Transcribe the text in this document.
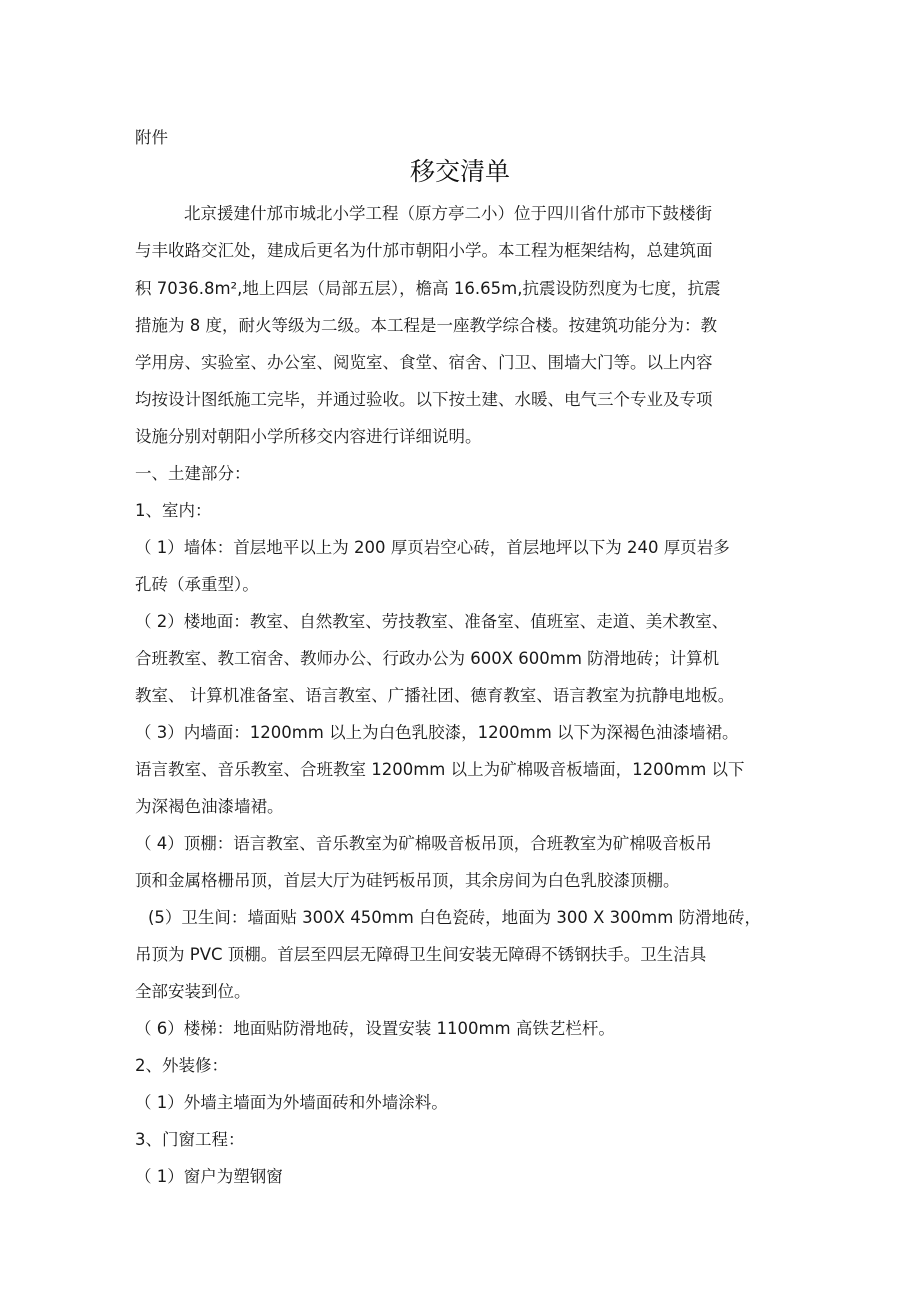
附件
移交清单
北京援建什邡市城北小学工程（原方亭二小）位于四川省什邡市下鼓楼街
与丰收路交汇处，建成后更名为什邡市朝阳小学。本工程为框架结构，总建筑面
积 7036.8m²,地上四层（局部五层），檐高 16.65m,抗震设防烈度为七度，抗震
措施为 8 度，耐火等级为二级。本工程是一座教学综合楼。按建筑功能分为：教
学用房、实验室、办公室、阅览室、食堂、宿舍、门卫、围墙大门等。以上内容
均按设计图纸施工完毕，并通过验收。以下按土建、水暖、电气三个专业及专项
设施分别对朝阳小学所移交内容进行详细说明。
一、土建部分：
1、室内：
（ 1）墙体：首层地平以上为 200 厚页岩空心砖，首层地坪以下为 240 厚页岩多
孔砖（承重型）。
（ 2）楼地面：教室、自然教室、劳技教室、准备室、值班室、走道、美术教室、
合班教室、教工宿舍、教师办公、行政办公为 600X 600mm 防滑地砖；计算机
教室、 计算机准备室、语言教室、广播社团、德育教室、语言教室为抗静电地板。
（ 3）内墙面：1200mm 以上为白色乳胶漆，1200mm 以下为深褐色油漆墙裙。
语言教室、音乐教室、合班教室 1200mm 以上为矿棉吸音板墙面，1200mm 以下
为深褐色油漆墙裙。
（ 4）顶棚：语言教室、音乐教室为矿棉吸音板吊顶，合班教室为矿棉吸音板吊
顶和金属格栅吊顶，首层大厅为硅钙板吊顶，其余房间为白色乳胶漆顶棚。
(5）卫生间：墙面贴 300X 450mm 白色瓷砖，地面为 300 X 300mm 防滑地砖，
吊顶为 PVC 顶棚。首层至四层无障碍卫生间安装无障碍不锈钢扶手。卫生洁具
全部安装到位。
（ 6）楼梯：地面贴防滑地砖，设置安装 1100mm 高铁艺栏杆。
2、外装修：
（ 1）外墙主墙面为外墙面砖和外墙涂料。
3、门窗工程：
（ 1）窗户为塑钢窗
